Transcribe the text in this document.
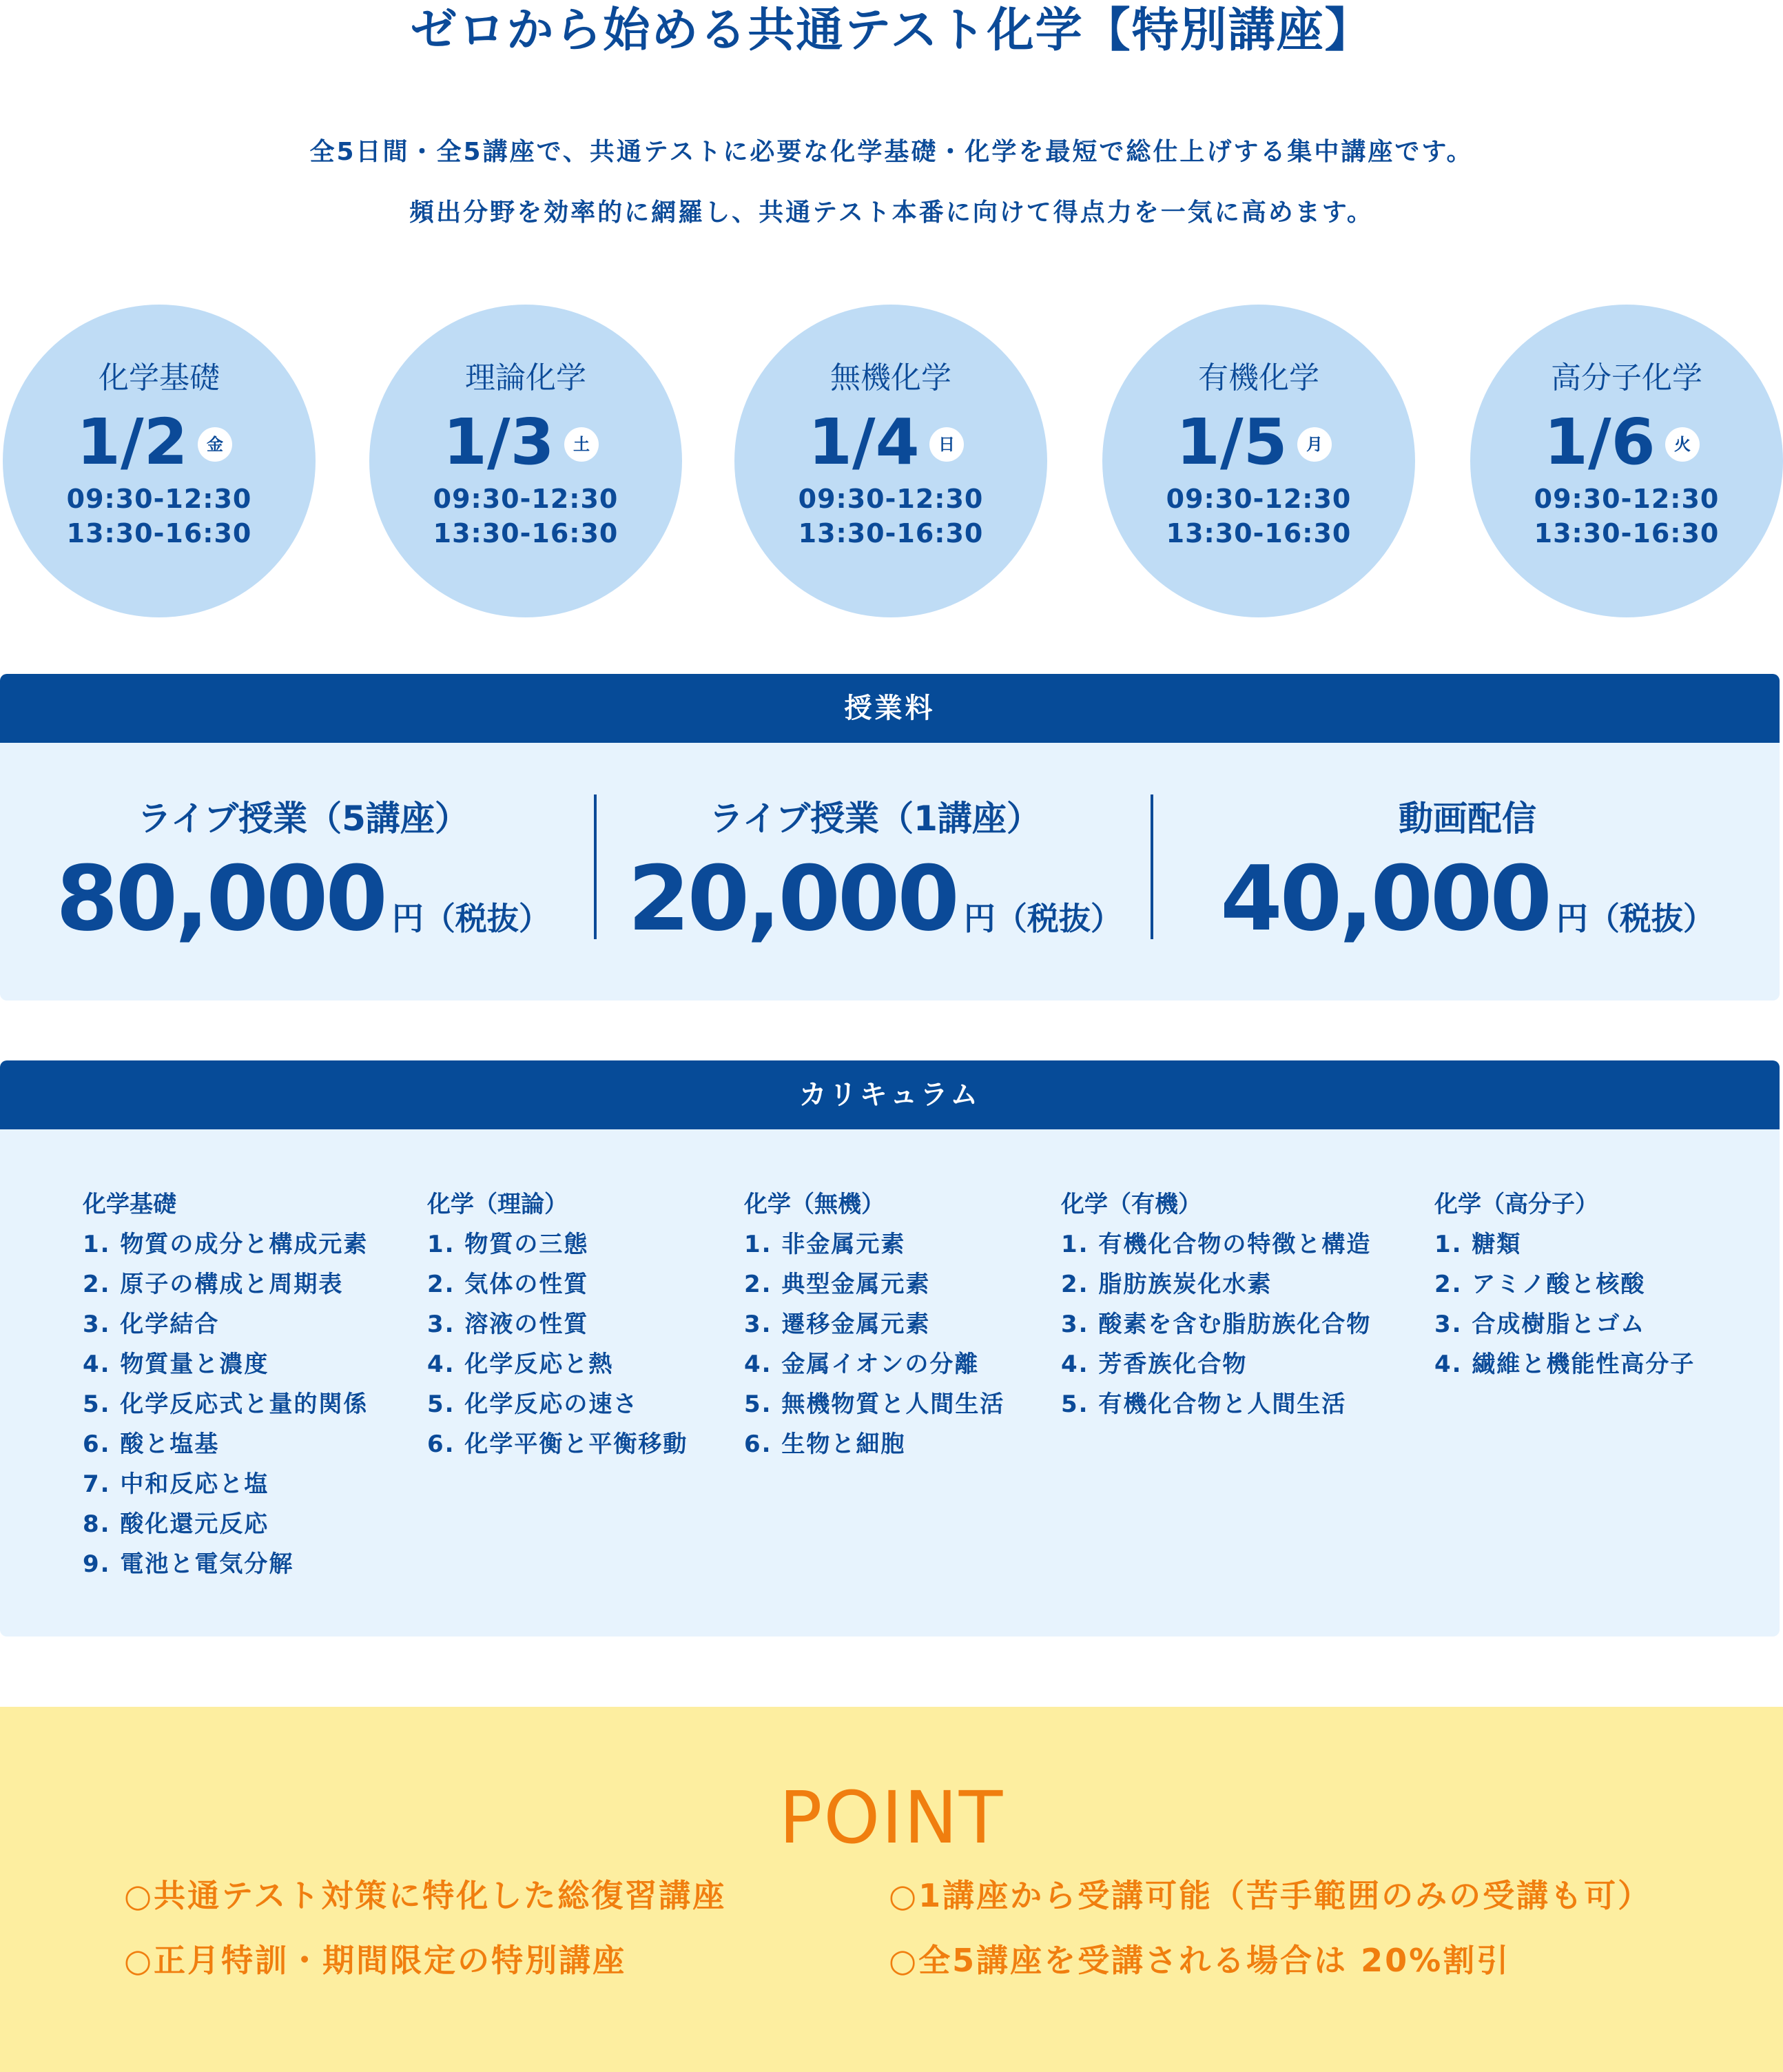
ゼロから始める共通テスト化学【特別講座】
全5日間・全5講座で、共通テストに必要な化学基礎・化学を最短で総仕上げする集中講座です。
頻出分野を効率的に網羅し、共通テスト本番に向けて得点力を一気に高めます。
化学基礎
1/2	金
09:30-12:30
13:30-16:30
理論化学
1/3	土
09:30-12:30
13:30-16:30
無機化学
1/4	日
09:30-12:30
13:30-16:30
有機化学
1/5	月
09:30-12:30
13:30-16:30
高分子化学
1/6	火
09:30-12:30
13:30-16:30
授業料
ライブ授業（5講座）
80,000 円（税抜）
ライブ授業（1講座）
20,000 円（税抜）
動画配信
40,000 円（税抜）
カリキュラム
化学基礎
1. 物質の成分と構成元素
2. 原子の構成と周期表
3. 化学結合
4. 物質量と濃度
5. 化学反応式と量的関係
6. 酸と塩基
7. 中和反応と塩
8. 酸化還元反応
9. 電池と電気分解
化学（理論）
1. 物質の三態
2. 気体の性質
3. 溶液の性質
4. 化学反応と熱
5. 化学反応の速さ
6. 化学平衡と平衡移動
化学（無機）
1. 非金属元素
2. 典型金属元素
3. 遷移金属元素
4. 金属イオンの分離
5. 無機物質と人間生活
6. 生物と細胞
化学（有機）
1. 有機化合物の特徴と構造
2. 脂肪族炭化水素
3. 酸素を含む脂肪族化合物
4. 芳香族化合物
5. 有機化合物と人間生活
化学（高分子）
1. 糖類
2. アミノ酸と核酸
3. 合成樹脂とゴム
4. 繊維と機能性高分子
POINT
○共通テスト対策に特化した総復習講座	○1講座から受講可能（苦手範囲のみの受講も可）
○正月特訓・期間限定の特別講座	○全5講座を受講される場合は 20%割引
